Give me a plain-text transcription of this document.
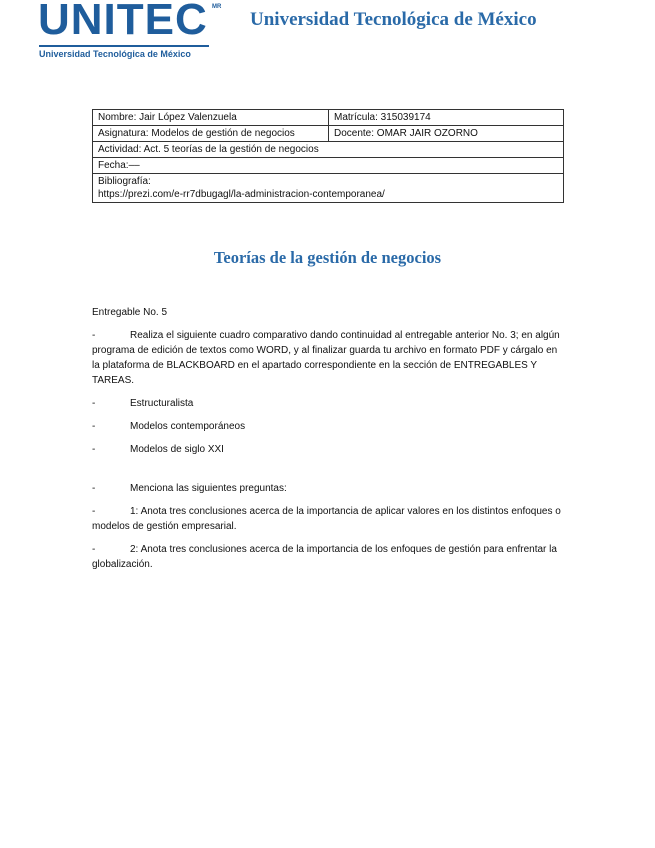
UNITEC MR
Universidad Tecnológica de México
Universidad Tecnológica de México
Nombre: Jair López Valenzuela	Matrícula: 315039174
Asignatura: Modelos de gestión de negocios	Docente: OMAR JAIR OZORNO
Actividad: Act. 5 teorías de la gestión de negocios	
Fecha:––	

Bibliografía:
https://prezi.com/e-rr7dbugagl/la-administracion-contemporanea/	
Teorías de la gestión de negocios

Entregable No. 5

-	Realiza el siguiente cuadro comparativo dando continuidad al entregable anterior No. 3; en algún programa de edición de textos como WORD, y al finalizar guarda tu archivo en formato PDF y cárgalo en la plataforma de BLACKBOARD en el apartado correspondiente en la sección de ENTREGABLES Y TAREAS.

-	Estructuralista

-	Modelos contemporáneos

-	Modelos de siglo XXI

-	Menciona las siguientes preguntas:

-	1: Anota tres conclusiones acerca de la importancia de aplicar valores en los distintos enfoques o modelos de gestión empresarial.

-	2: Anota tres conclusiones acerca de la importancia de los enfoques de gestión para enfrentar la globalización.
